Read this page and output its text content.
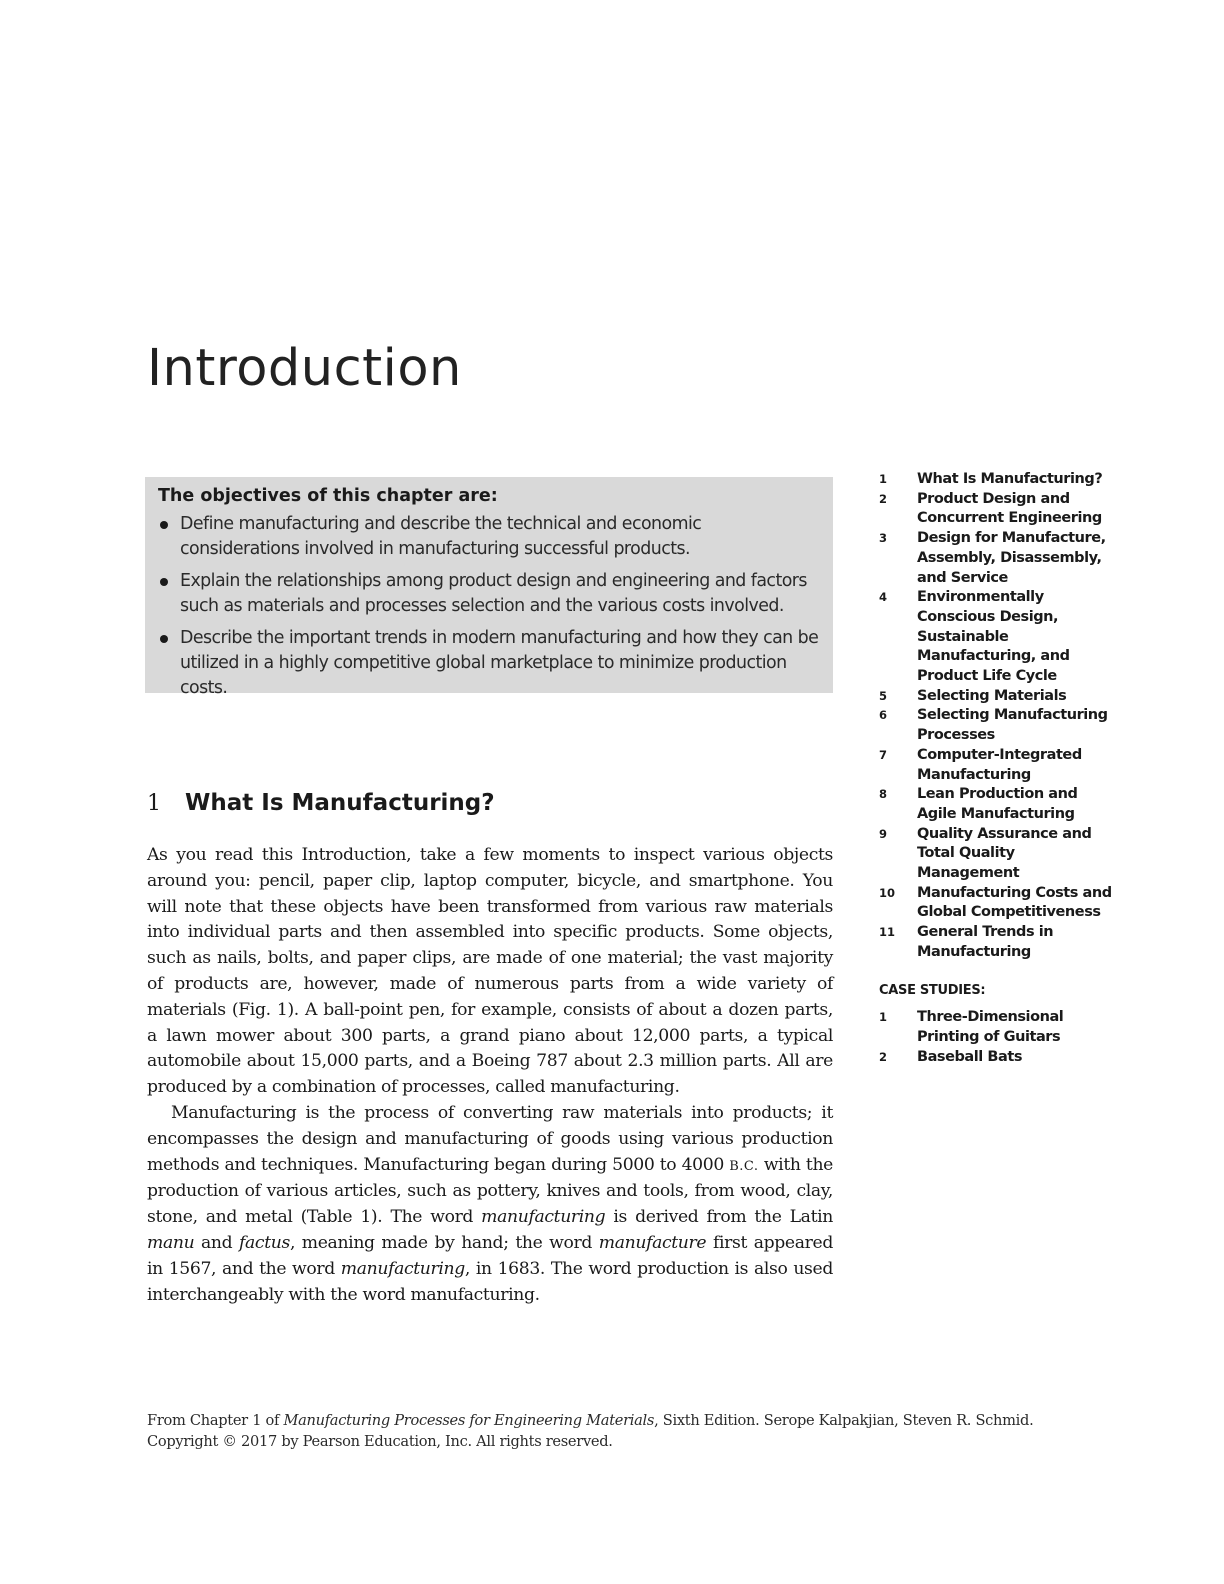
Introduction
The objectives of this chapter are:
Define manufacturing and describe the technical and economic considerations involved in manufacturing successful products.
Explain the relationships among product design and engineering and factors such as materials and processes selection and the various costs involved.
Describe the important trends in modern manufacturing and how they can be utilized in a highly competitive global marketplace to minimize production costs.
1 What Is Manufacturing?

As you read this Introduction, take a few moments to inspect various objects around you: pencil, paper clip, laptop computer, bicycle, and smartphone. You will note that these objects have been transformed from various raw materials into individual parts and then assembled into specific products. Some objects, such as nails, bolts, and paper clips, are made of one material; the vast majority of products are, however, made of numerous parts from a wide variety of materials (Fig. 1). A ball-point pen, for example, consists of about a dozen parts, a lawn mower about 300 parts, a grand piano about 12,000 parts, a typical automobile about 15,000 parts, and a Boeing 787 about 2.3 million parts. All are produced by a combination of processes, called manufacturing.

Manufacturing is the process of converting raw materials into products; it encompasses the design and manufacturing of goods using various production methods and techniques. Manufacturing began during 5000 to 4000 B.C. with the production of various articles, such as pottery, knives and tools, from wood, clay, stone, and metal (Table 1). The word manufacturing is derived from the Latin manu and factus, meaning made by hand; the word manufacture first appeared in 1567, and the word manufacturing, in 1683. The word production is also used interchangeably with the word manufacturing.

1	What Is Manufacturing?
2	Product Design and Concurrent Engineering
3	Design for Manufacture, Assembly, Disassembly, and Service
4	Environmentally Conscious Design, Sustainable Manufacturing, and Product Life Cycle
5	Selecting Materials
6	Selecting Manufacturing Processes
7	Computer-Integrated Manufacturing
8	Lean Production and Agile Manufacturing
9	Quality Assurance and Total Quality Management
10	Manufacturing Costs and Global Competitiveness
11	General Trends in Manufacturing
CASE STUDIES:
1	Three-Dimensional Printing of Guitars
2	Baseball Bats
From Chapter 1 of Manufacturing Processes for Engineering Materials, Sixth Edition. Serope Kalpakjian, Steven R. Schmid.
Copyright © 2017 by Pearson Education, Inc. All rights reserved.
